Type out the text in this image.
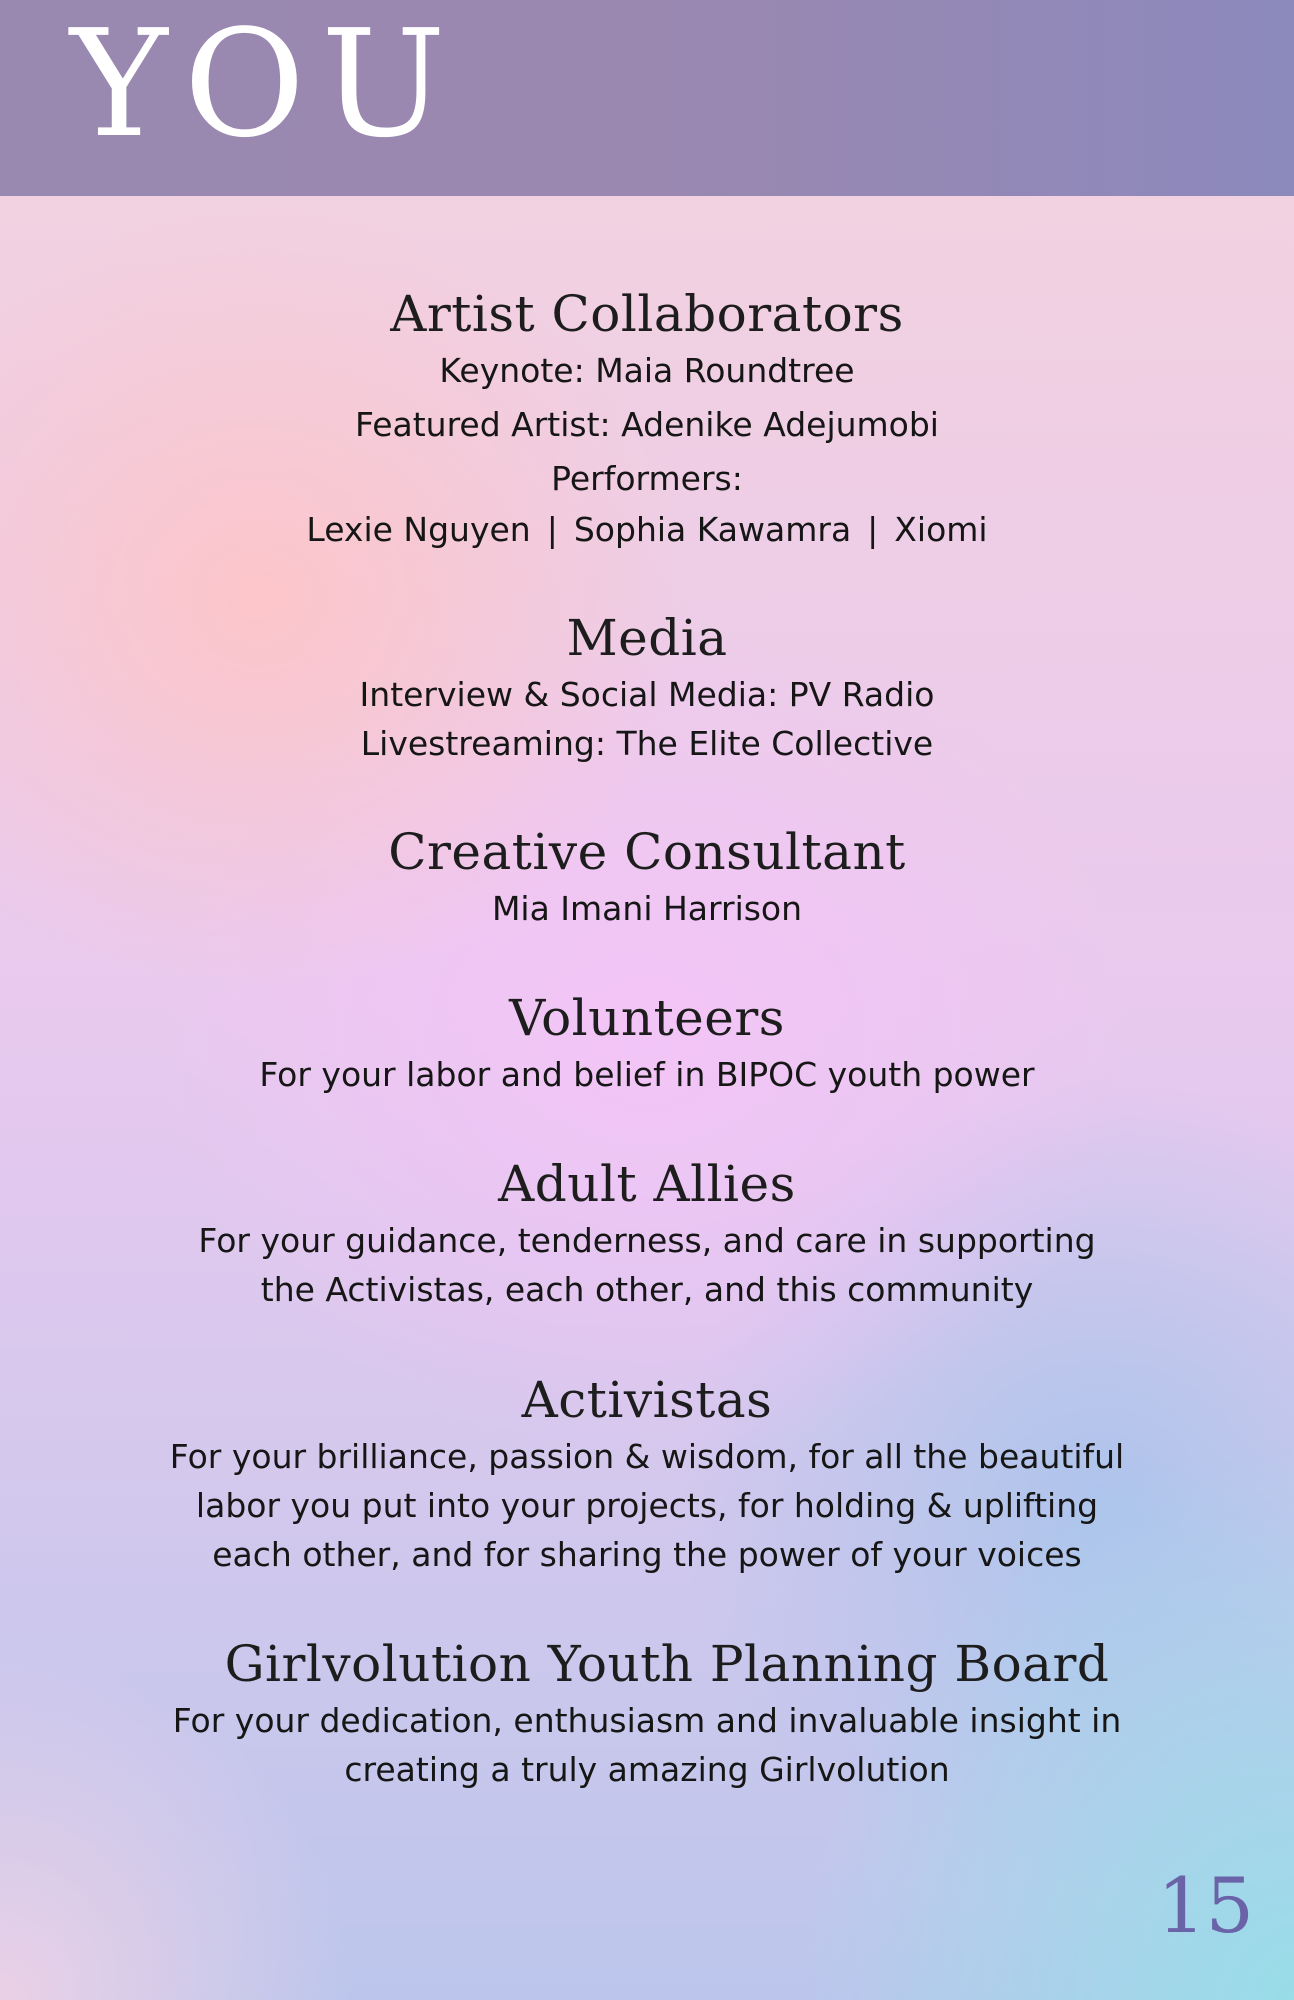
YOU
Artist Collaborators
Keynote: Maia Roundtree
Featured Artist: Adenike Adejumobi
Performers:
Lexie Nguyen | Sophia Kawamra | Xiomi
Media
Interview & Social Media: PV Radio
Livestreaming: The Elite Collective
Creative Consultant
Mia Imani Harrison
Volunteers
For your labor and belief in BIPOC youth power
Adult Allies
For your guidance, tenderness, and care in supporting
the Activistas, each other, and this community
Activistas
For your brilliance, passion & wisdom, for all the beautiful
labor you put into your projects, for holding & uplifting
each other, and for sharing the power of your voices
Girlvolution Youth Planning Board
For your dedication, enthusiasm and invaluable insight in
creating a truly amazing Girlvolution
15
